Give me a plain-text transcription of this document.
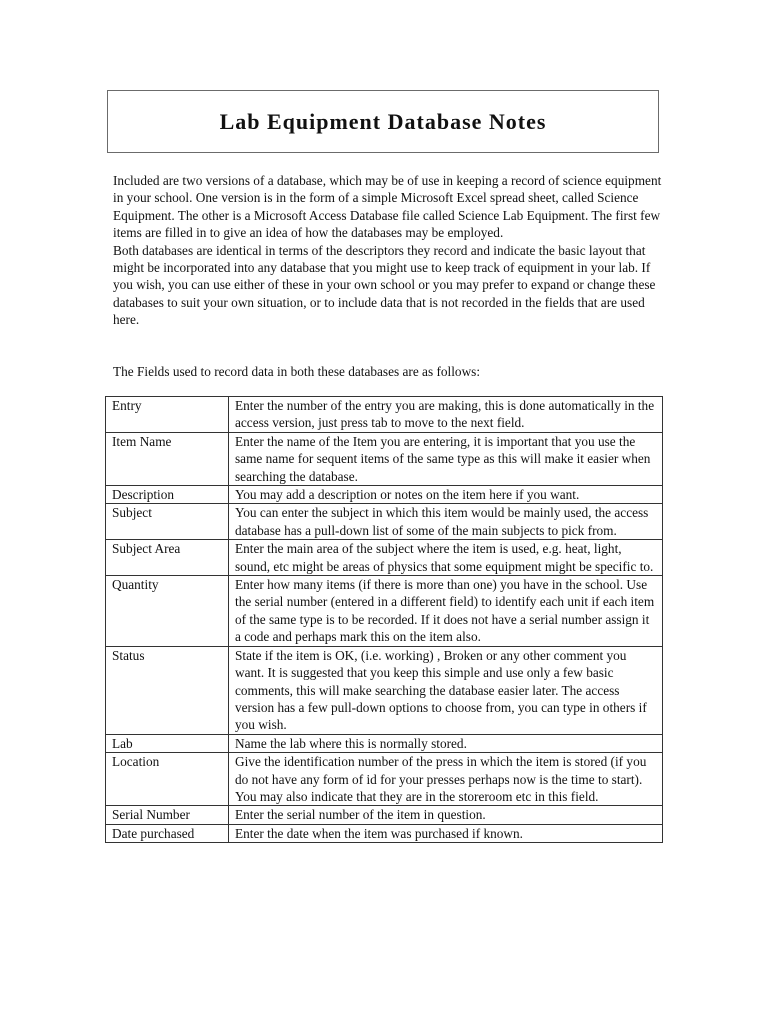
Lab Equipment Database Notes

Included are two versions of a database, which may be of use in keeping a record of science equipment in your school. One version is in the form of a simple Microsoft Excel spread sheet, called Science Equipment. The other is a Microsoft Access Database file called Science Lab Equipment. The first few items are filled in to give an idea of how the databases may be employed.

Both databases are identical in terms of the descriptors they record and indicate the basic layout that might be incorporated into any database that you might use to keep track of equipment in your lab. If you wish, you can use either of these in your own school or you may prefer to expand or change these databases to suit your own situation, or to include data that is not recorded in the fields that are used here.

The Fields used to record data in both these databases are as follows:
Entry	Enter the number of the entry you are making, this is done automatically in the access version, just press tab to move to the next field.
Item Name	Enter the name of the Item you are entering, it is important that you use the same name for sequent items of the same type as this will make it easier when searching the database.
Description	You may add a description or notes on the item here if you want.
Subject	You can enter the subject in which this item would be mainly used, the access database has a pull-down list of some of the main subjects to pick from.
Subject Area	Enter the main area of the subject where the item is used, e.g. heat, light, sound, etc might be areas of physics that some equipment might be specific to.
Quantity	Enter how many items (if there is more than one) you have in the school. Use the serial number (entered in a different field) to identify each unit if each item of the same type is to be recorded. If it does not have a serial number assign it a code and perhaps mark this on the item also.
Status	State if the item is OK, (i.e. working) , Broken or any other comment you want. It is suggested that you keep this simple and use only a few basic comments, this will make searching the database easier later. The access version has a few pull-down options to choose from, you can type in others if you wish.
Lab	Name the lab where this is normally stored.
Location	Give the identification number of the press in which the item is stored (if you do not have any form of id for your presses perhaps now is the time to start). You may also indicate that they are in the storeroom etc in this field.
Serial Number	Enter the serial number of the item in question.
Date purchased	Enter the date when the item was purchased if known.
